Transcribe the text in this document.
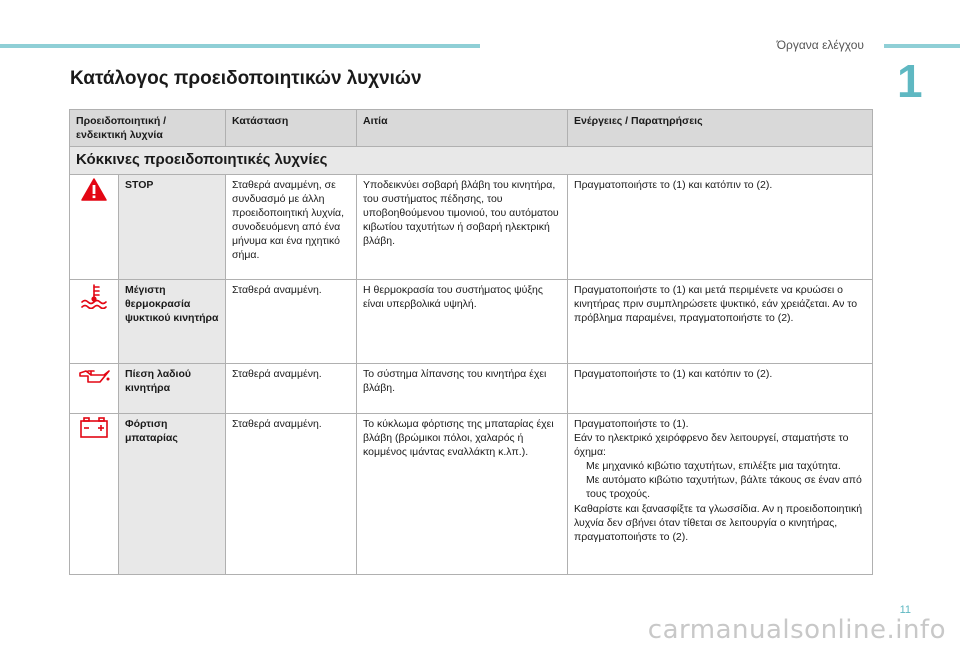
Όργανα ελέγχου
1
Κατάλογος προειδοποιητικών λυχνιών
Προειδοποιητική / ενδεικτική λυχνία		Κατάσταση	Αιτία	Ενέργειες / Παρατηρήσεις
Κόκκινες προειδοποιητικές λυχνίες				

	STOP	Σταθερά αναμμένη, σε συνδυασμό με άλλη προειδοποιητική λυχνία, συνοδευόμενη από ένα μήνυμα και ένα ηχητικό σήμα.	Υποδεικνύει σοβαρή βλάβη του κινητήρα, του συστήματος πέδησης, του υποβοηθούμενου τιμονιού, του αυτόματου κιβωτίου ταχυτήτων ή σοβαρή ηλεκτρική βλάβη.	Πραγματοποιήστε το (1) και κατόπιν το (2).

	Μέγιστη θερμοκρασία ψυκτικού κινητήρα	Σταθερά αναμμένη.	Η θερμοκρασία του συστήματος ψύξης είναι υπερβολικά υψηλή.	Πραγματοποιήστε το (1) και μετά περιμένετε να κρυώσει ο κινητήρας πριν συμπληρώσετε ψυκτικό, εάν χρειάζεται. Αν το πρόβλημα παραμένει, πραγματοποιήστε το (2).

	Πίεση λαδιού κινητήρα	Σταθερά αναμμένη.	Το σύστημα λίπανσης του κινητήρα έχει βλάβη.	Πραγματοποιήστε το (1) και κατόπιν το (2).

	Φόρτιση μπαταρίας	Σταθερά αναμμένη.	Το κύκλωμα φόρτισης της μπαταρίας έχει βλάβη (βρώμικοι πόλοι, χαλαρός ή κομμένος ιμάντας εναλλάκτη κ.λπ.).	Πραγματοποιήστε το (1).
Εάν το ηλεκτρικό χειρόφρενο δεν λειτουργεί, σταματήστε το όχημα:
Με μηχανικό κιβώτιο ταχυτήτων, επιλέξτε μια ταχύτητα.
Με αυτόματο κιβώτιο ταχυτήτων, βάλτε τάκους σε έναν από τους τροχούς.
Καθαρίστε και ξανασφίξτε τα γλωσσίδια. Αν η προειδοποιητική λυχνία δεν σβήνει όταν τίθεται σε λειτουργία ο κινητήρας, πραγματοποιήστε το (2).
11
carmanualsonline.info
